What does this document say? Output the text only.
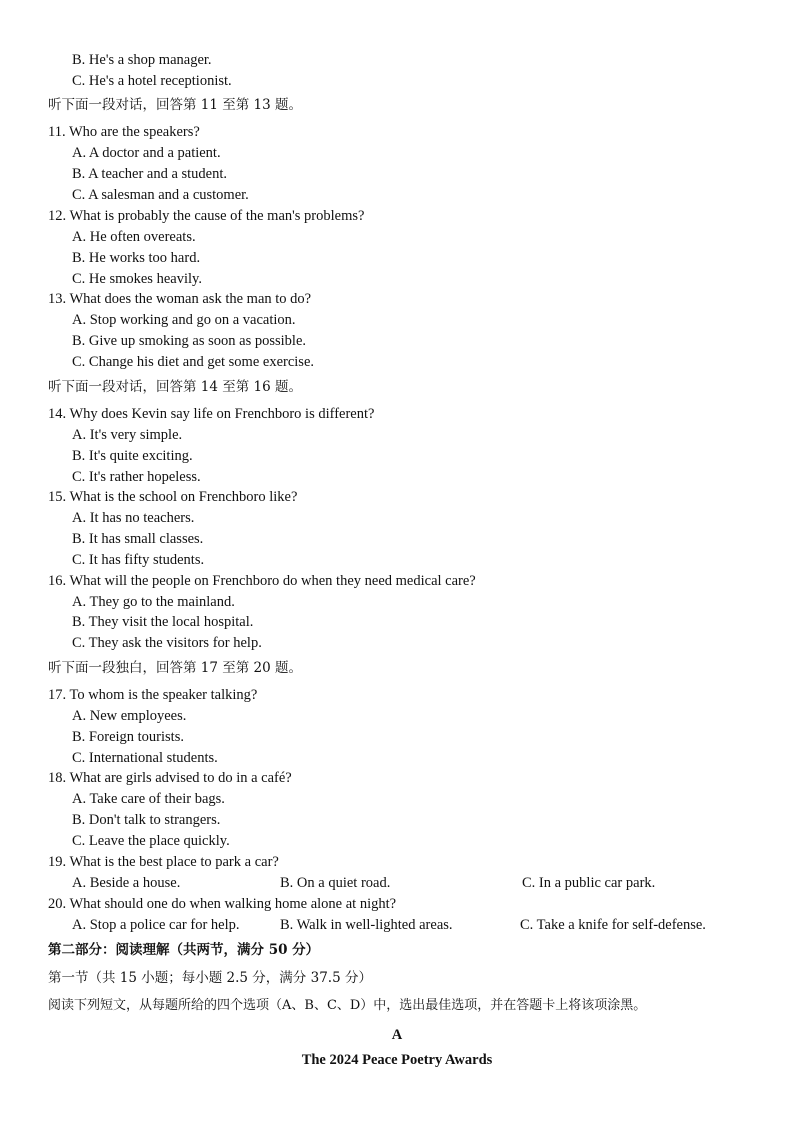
B. He's a shop manager.
C. He's a hotel receptionist.
听下面一段对话，回答第 11 至第 13 题。
11. Who are the speakers?
A. A doctor and a patient.
B. A teacher and a student.
C. A salesman and a customer.
12. What is probably the cause of the man's problems?
A. He often overeats.
B. He works too hard.
C. He smokes heavily.
13. What does the woman ask the man to do?
A. Stop working and go on a vacation.
B. Give up smoking as soon as possible.
C. Change his diet and get some exercise.
听下面一段对话，回答第 14 至第 16 题。
14. Why does Kevin say life on Frenchboro is different?
A. It's very simple.
B. It's quite exciting.
C. It's rather hopeless.
15. What is the school on Frenchboro like?
A. It has no teachers.
B. It has small classes.
C. It has fifty students.
16. What will the people on Frenchboro do when they need medical care?
A. They go to the mainland.
B. They visit the local hospital.
C. They ask the visitors for help.
听下面一段独白，回答第 17 至第 20 题。
17. To whom is the speaker talking?
A. New employees.
B. Foreign tourists.
C. International students.
18. What are girls advised to do in a café?
A. Take care of their bags.
B. Don't talk to strangers.
C. Leave the place quickly.
19. What is the best place to park a car?
A. Beside a house.	B. On a quiet road.	C. In a public car park.
20. What should one do when walking home alone at night?
A. Stop a police car for help.	B. Walk in well-lighted areas.	C. Take a knife for self-defense.
第二部分：阅读理解（共两节，满分 50 分）
第一节（共 15 小题；每小题 2.5 分，满分 37.5 分）
阅读下列短文，从每题所给的四个选项（A、B、C、D）中，选出最佳选项，并在答题卡上将该项涂黑。
A
The 2024 Peace Poetry Awards
